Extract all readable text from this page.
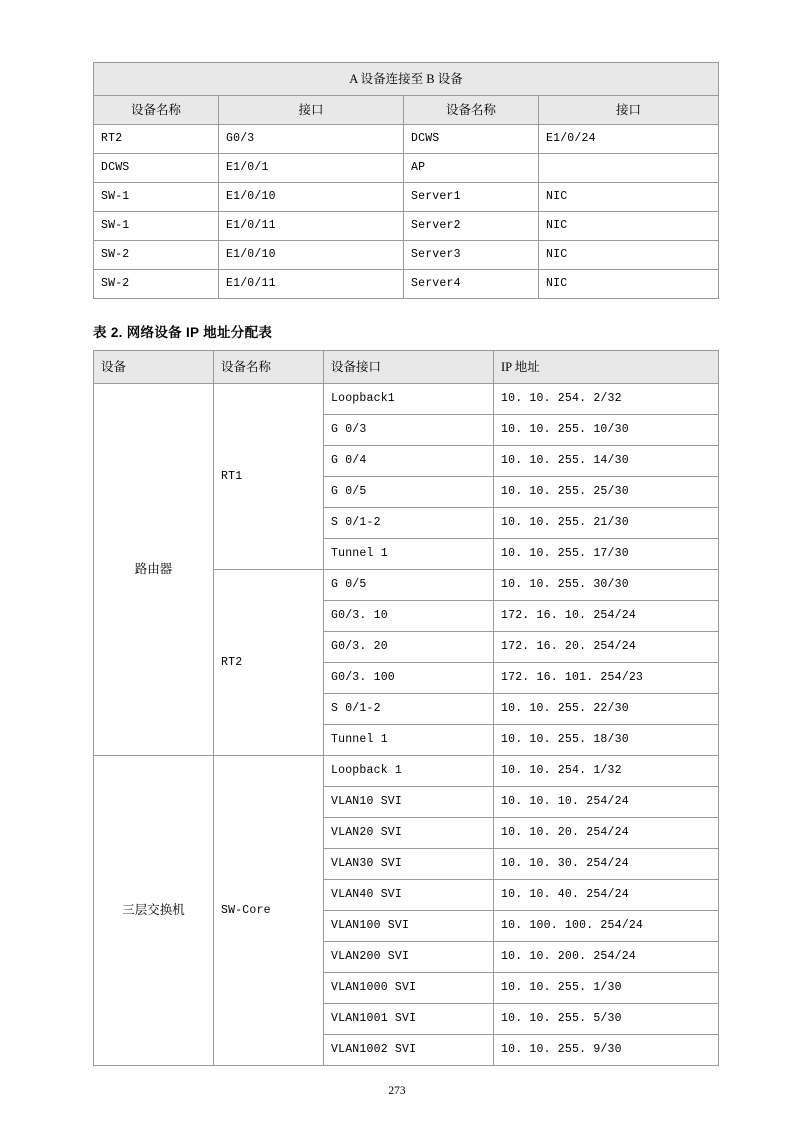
A 设备连接至 B 设备			
设备名称	接口	设备名称	接口
RT2	G0/3	DCWS	E1/0/24
DCWS	E1/0/1	AP	
SW-1	E1/0/10	Server1	NIC
SW-1	E1/0/11	Server2	NIC
SW-2	E1/0/10	Server3	NIC
SW-2	E1/0/11	Server4	NIC
表 2. 网络设备 IP 地址分配表
设备	设备名称	设备接口	IP 地址
路由器	RT1	Loopback1	10. 10. 254. 2/32
		G 0/3	10. 10. 255. 10/30
		G 0/4	10. 10. 255. 14/30
		G 0/5	10. 10. 255. 25/30
		S 0/1-2	10. 10. 255. 21/30
		Tunnel 1	10. 10. 255. 17/30
	RT2	G 0/5	10. 10. 255. 30/30
		G0/3. 10	172. 16. 10. 254/24
		G0/3. 20	172. 16. 20. 254/24
		G0/3. 100	172. 16. 101. 254/23
		S 0/1-2	10. 10. 255. 22/30
		Tunnel 1	10. 10. 255. 18/30
三层交换机	SW-Core	Loopback 1	10. 10. 254. 1/32
		VLAN10 SVI	10. 10. 10. 254/24
		VLAN20 SVI	10. 10. 20. 254/24
		VLAN30 SVI	10. 10. 30. 254/24
		VLAN40 SVI	10. 10. 40. 254/24
		VLAN100 SVI	10. 100. 100. 254/24
		VLAN200 SVI	10. 10. 200. 254/24
		VLAN1000 SVI	10. 10. 255. 1/30
		VLAN1001 SVI	10. 10. 255. 5/30
		VLAN1002 SVI	10. 10. 255. 9/30
273
